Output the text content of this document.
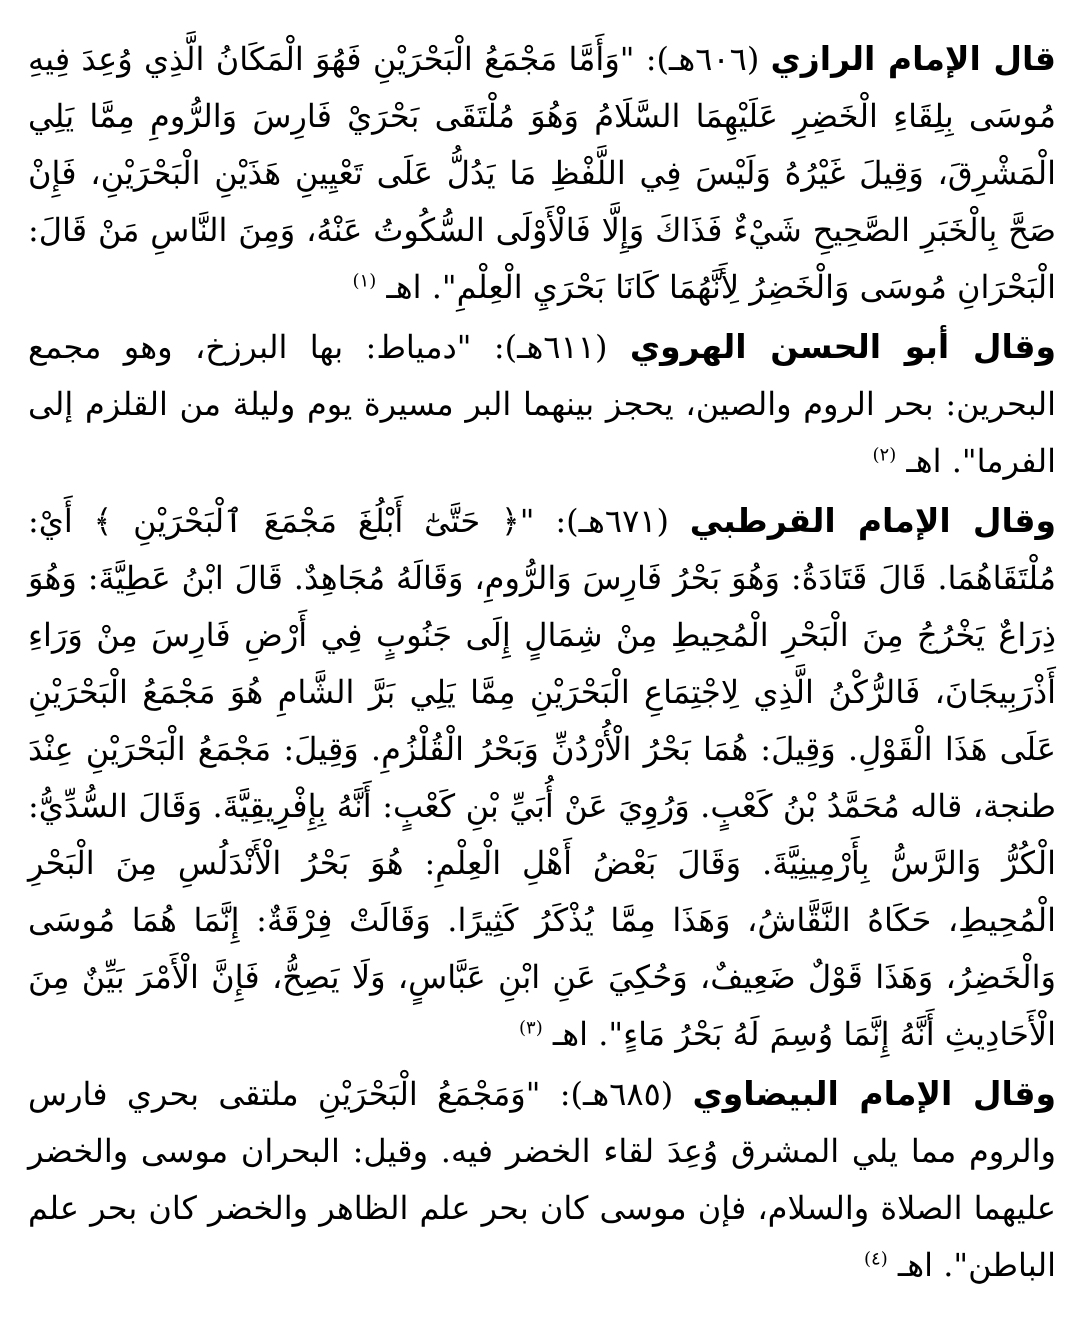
قال الإمام الرازي (٦٠٦هـ): "وَأَمَّا مَجْمَعُ الْبَحْرَيْنِ فَهُوَ الْمَكَانُ الَّذِي وُعِدَ فِيهِ مُوسَى بِلِقَاءِ الْخَضِرِ عَلَيْهِمَا السَّلَامُ وَهُوَ مُلْتَقَى بَحْرَيْ فَارِسَ وَالرُّومِ مِمَّا يَلِي الْمَشْرِقَ، وَقِيلَ غَيْرُهُ وَلَيْسَ فِي اللَّفْظِ مَا يَدُلُّ عَلَى تَعْيِينِ هَذَيْنِ الْبَحْرَيْنِ، فَإِنْ صَحَّ بِالْخَبَرِ الصَّحِيحِ شَيْءٌ فَذَاكَ وَإِلَّا فَالْأَوْلَى السُّكُوتُ عَنْهُ، وَمِنَ النَّاسِ مَنْ قَالَ: الْبَحْرَانِ مُوسَى وَالْخَضِرُ لِأَنَّهُمَا كَانَا بَحْرَيِ الْعِلْمِ". اهـ $^{(١)}$

وقال أبو الحسن الهروي (٦١١هـ): "دمياط: بها البرزخ، وهو مجمع البحرين: بحر الروم والصين، يحجز بينهما البر مسيرة يوم وليلة من القلزم إلى الفرما". اهـ $^{(٢)}$

وقال الإمام القرطبي (٦٧١هـ): "﴿ حَتَّىٰٓ أَبْلُغَ مَجْمَعَ ٱلْبَحْرَيْنِ ﴾ أَيْ: مُلْتَقَاهُمَا. قَالَ قَتَادَةُ: وَهُوَ بَحْرُ فَارِسَ وَالرُّومِ، وَقَالَهُ مُجَاهِدٌ. قَالَ ابْنُ عَطِيَّةَ: وَهُوَ ذِرَاعٌ يَخْرُجُ مِنَ الْبَحْرِ الْمُحِيطِ مِنْ شِمَالٍ إِلَى جَنُوبٍ فِي أَرْضِ فَارِسَ مِنْ وَرَاءِ أَذْرَبِيجَانَ، فَالرُّكْنُ الَّذِي لِاجْتِمَاعِ الْبَحْرَيْنِ مِمَّا يَلِي بَرَّ الشَّامِ هُوَ مَجْمَعُ الْبَحْرَيْنِ عَلَى هَذَا الْقَوْلِ. وَقِيلَ: هُمَا بَحْرُ الْأُرْدُنِّ وَبَحْرُ الْقُلْزُمِ. وَقِيلَ: مَجْمَعُ الْبَحْرَيْنِ عِنْدَ طنجة، قاله مُحَمَّدُ بْنُ كَعْبٍ. وَرُوِيَ عَنْ أُبَيِّ بْنِ كَعْبٍ: أَنَّهُ بِإِفْرِيقِيَّةَ. وَقَالَ السُّدِّيُّ: الْكُرُّ وَالرَّسُّ بِأَرْمِينِيَّةَ. وَقَالَ بَعْضُ أَهْلِ الْعِلْمِ: هُوَ بَحْرُ الْأَنْدَلُسِ مِنَ الْبَحْرِ الْمُحِيطِ، حَكَاهُ النَّقَّاشُ، وَهَذَا مِمَّا يُذْكَرُ كَثِيرًا. وَقَالَتْ فِرْقَةٌ: إِنَّمَا هُمَا مُوسَى وَالْخَضِرُ، وَهَذَا قَوْلٌ ضَعِيفٌ، وَحُكِيَ عَنِ ابْنِ عَبَّاسٍ، وَلَا يَصِحُّ، فَإِنَّ الْأَمْرَ بَيِّنٌ مِنَ الْأَحَادِيثِ أَنَّهُ إِنَّمَا وُسِمَ لَهُ بَحْرُ مَاءٍ". اهـ $^{(٣)}$

وقال الإمام البيضاوي (٦٨٥هـ): "وَمَجْمَعُ الْبَحْرَيْنِ ملتقى بحري فارس والروم مما يلي المشرق وُعِدَ لقاء الخضر فيه. وقيل: البحران موسى والخضر عليهما الصلاة والسلام، فإن موسى كان بحر علم الظاهر والخضر كان بحر علم الباطن". اهـ $^{(٤)}$
